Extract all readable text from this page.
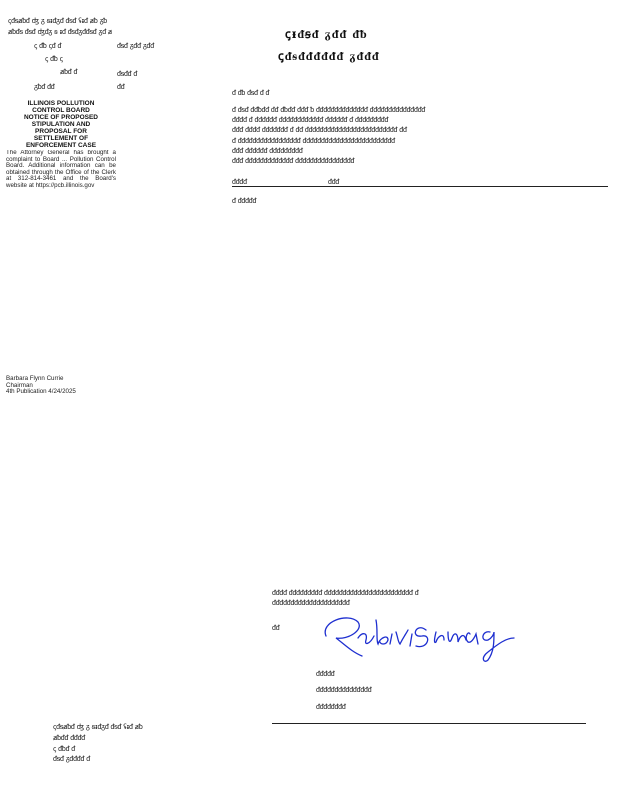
ꞔᵭᵴⱥᵬᵭ ʤ ᵹ ꞩᵻᵭᵹᵭ ᵭᵴᵭ ʢᵻᵭ ⱥᵬ ᵹᵬ
ⱥᵬᵭᵴ ᵭᵴᵭ ʤᵭᵹ ꞩ ᵻᵭ ᵭᵴᵭᵹᵭᵭᵴᵭ ᵹᵭ ⱥ
ꞔ ᵭᵬ ꞔᵭ ᵭ	ᵭᵴᵭ ᵹᵭᵭ ᵹᵭᵭ
ꞔ ᵭᵬ ꞔ
ⱥᵬᵭ ᵭ	ᵭᵴᵭᵭ ᵭ
ᵹᵬᵭ ᵭᵭ	ᵭᵭ
ꞔᵻᵭꞩᵭ ᵹᵭᵭ ᵭᵬ
ꞔᵭᵴᵭᵭᵭᵭᵭᵭ ᵹᵭᵭᵭ
ᵭ ᵭᵬ ᵭᵴᵭ ᵭ ᵭ
ᵭ ᵭᵴᵭ ᵭᵭᵬᵭᵭ ᵭᵭ ᵭᵬᵭᵭ ᵭᵭᵭ ᵬ ᵭᵭᵭᵭᵭᵭᵭᵭᵭᵭᵭᵭᵭᵭ ᵭᵭᵭᵭᵭᵭᵭᵭᵭᵭᵭᵭᵭᵭᵭ
ᵭᵭᵭᵭ ᵭ ᵭᵭᵭᵭᵭᵭ ᵭᵭᵭᵭᵭᵭᵭᵭᵭᵭᵭᵭ ᵭᵭᵭᵭᵭᵭ ᵭ ᵭᵭᵭᵭᵭᵭᵭᵭᵭ
ᵭᵭᵭ ᵭᵭᵭᵭ ᵭᵭᵭᵭᵭᵭᵭ ᵭ ᵭᵭ ᵭᵭᵭᵭᵭᵭᵭᵭᵭᵭᵭᵭᵭᵭᵭᵭᵭᵭᵭᵭᵭᵭᵭᵭᵭ ᵭᵭ
ᵭ ᵭᵭᵭᵭᵭᵭᵭᵭᵭᵭᵭᵭᵭᵭᵭᵭᵭ ᵭᵭᵭᵭᵭᵭᵭᵭᵭᵭᵭᵭᵭᵭᵭᵭᵭᵭᵭᵭᵭᵭᵭᵭᵭ
ᵭᵭᵭ ᵭᵭᵭᵭᵭᵭ ᵭᵭᵭᵭᵭᵭᵭᵭᵭ
ᵭᵭᵭ ᵭᵭᵭᵭᵭᵭᵭᵭᵭᵭᵭᵭᵭ ᵭᵭᵭᵭᵭᵭᵭᵭᵭᵭᵭᵭᵭᵭᵭᵭ
ᵭᵭᵭᵭ	ᵭᵭᵭ
ᵭ ᵭᵭᵭᵭᵭ
ILLINOIS POLLUTION
CONTROL BOARD
NOTICE OF PROPOSED
STIPULATION AND
PROPOSAL FOR
SETTLEMENT OF
ENFORCEMENT CASE
The Attorney General has brought a complaint to Board ... Pollution Control Board. Additional information can be obtained through the Office of the Clerk at 312-814-3461 and the Board's website at https://pcb.illinois.gov
Barbara Flynn Currie
Chairman
4th Publication 4/24/2025
ᵭᵭᵭᵭ ᵭᵭᵭᵭᵭᵭᵭᵭᵭ ᵭᵭᵭᵭᵭᵭᵭᵭᵭᵭᵭᵭᵭᵭᵭᵭᵭᵭᵭᵭᵭᵭᵭᵭ ᵭ
ᵭᵭᵭᵭᵭᵭᵭᵭᵭᵭᵭᵭᵭᵭᵭᵭᵭᵭᵭᵭᵭ
ᵭᵭ
ᵭᵭᵭᵭᵭ
ᵭᵭᵭᵭᵭᵭᵭᵭᵭᵭᵭᵭᵭᵭᵭ
ᵭᵭᵭᵭᵭᵭᵭᵭ
ꞔᵭᵴⱥᵬᵭ ʤ ᵹ ꞩᵻᵭᵹᵭ ᵭᵴᵭ ʢᵻᵭ ⱥᵬ
ⱥᵬᵭᵭ ᵭᵭᵭᵭ
ꞔ ᵭᵬᵭ ᵭ
ᵭᵴᵭ ᵹᵭᵭᵭᵭ ᵭ
